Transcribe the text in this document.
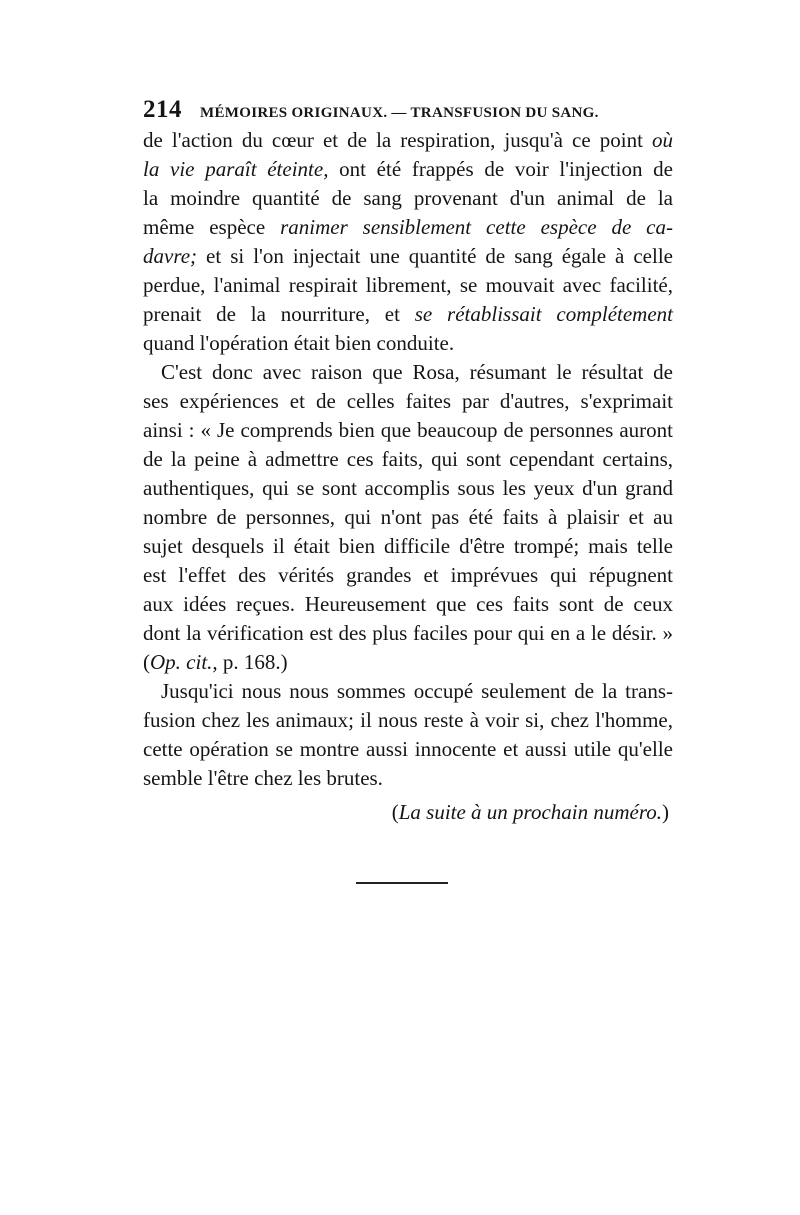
214 MÉMOIRES ORIGINAUX. — TRANSFUSION DU SANG.
de l'action du cœur et de la respiration, jusqu'à ce point où
la vie paraît éteinte, ont été frappés de voir l'injection de
la moindre quantité de sang provenant d'un animal de la
même espèce ranimer sensiblement cette espèce de ca-
davre; et si l'on injectait une quantité de sang égale à celle
perdue, l'animal respirait librement, se mouvait avec facilité,
prenait de la nourriture, et se rétablissait complétement
quand l'opération était bien conduite.
C'est donc avec raison que Rosa, résumant le résultat de
ses expériences et de celles faites par d'autres, s'exprimait
ainsi : « Je comprends bien que beaucoup de personnes auront
de la peine à admettre ces faits, qui sont cependant certains,
authentiques, qui se sont accomplis sous les yeux d'un grand
nombre de personnes, qui n'ont pas été faits à plaisir et au
sujet desquels il était bien difficile d'être trompé; mais telle
est l'effet des vérités grandes et imprévues qui répugnent
aux idées reçues. Heureusement que ces faits sont de ceux
dont la vérification est des plus faciles pour qui en a le désir. »
(Op. cit., p. 168.)
Jusqu'ici nous nous sommes occupé seulement de la trans-
fusion chez les animaux; il nous reste à voir si, chez l'homme,
cette opération se montre aussi innocente et aussi utile qu'elle
semble l'être chez les brutes.
(La suite à un prochain numéro.)
